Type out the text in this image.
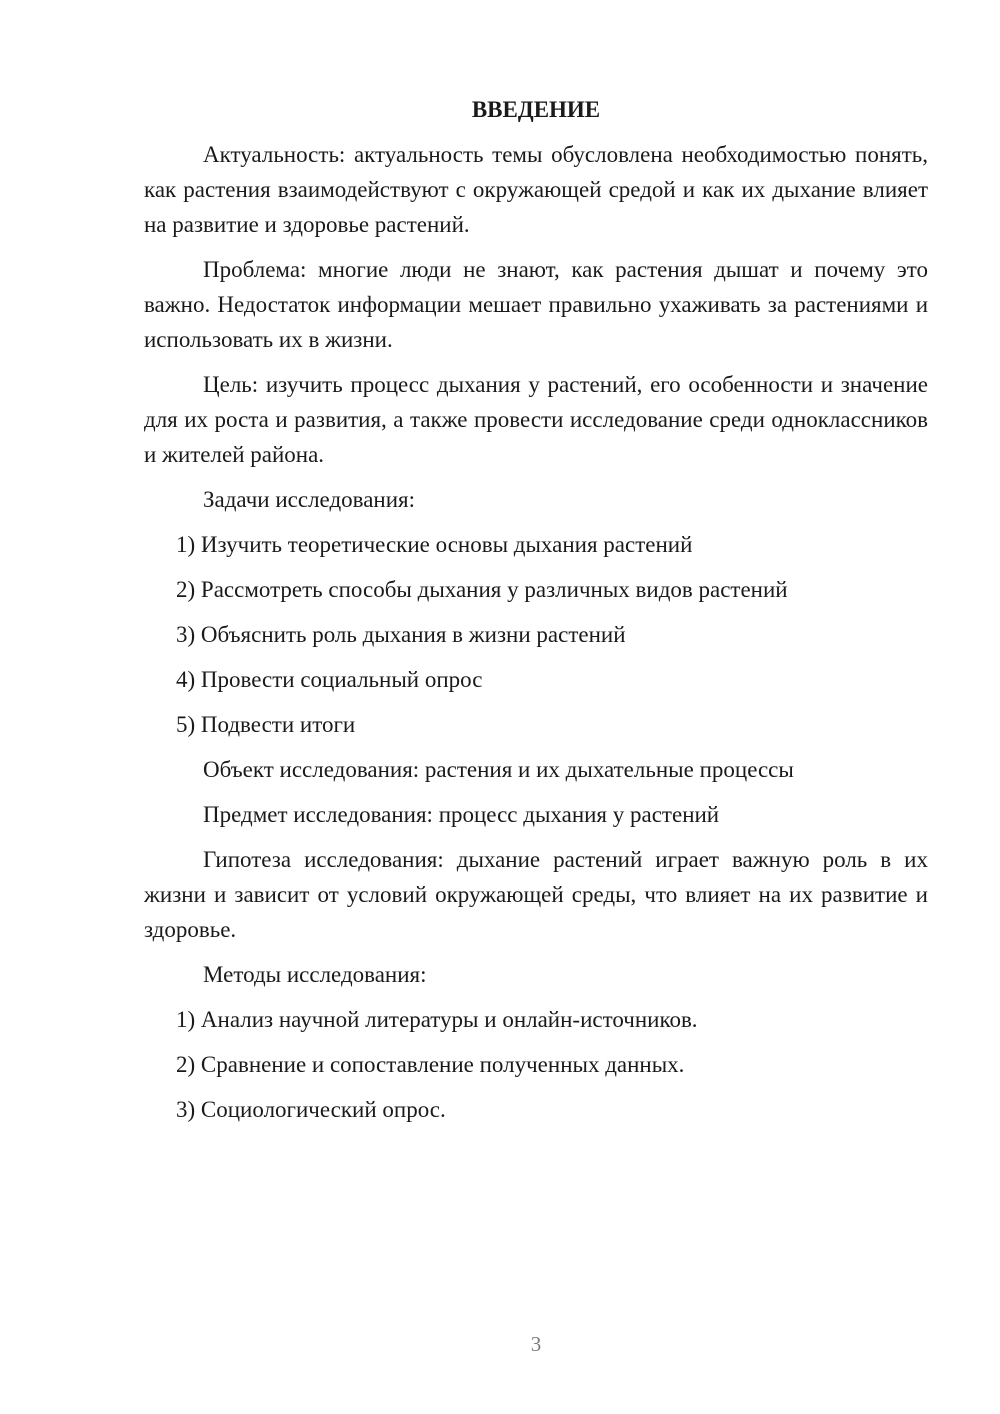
ВВЕДЕНИЕ
Актуальность: актуальность темы обусловлена необходимостью понять, как растения взаимодействуют с окружающей средой и как их дыхание влияет на развитие и здоровье растений.
Проблема: многие люди не знают, как растения дышат и почему это важно. Недостаток информации мешает правильно ухаживать за растениями и использовать их в жизни.
Цель: изучить процесс дыхания у растений, его особенности и значение для их роста и развития, а также провести исследование среди одноклассников и жителей района.
Задачи исследования:
1) Изучить теоретические основы дыхания растений
2) Рассмотреть способы дыхания у различных видов растений
3) Объяснить роль дыхания в жизни растений
4) Провести социальный опрос
5) Подвести итоги
Объект исследования: растения и их дыхательные процессы
Предмет исследования: процесс дыхания у растений
Гипотеза исследования: дыхание растений играет важную роль в их жизни и зависит от условий окружающей среды, что влияет на их развитие и здоровье.
Методы исследования:
1) Анализ научной литературы и онлайн-источников.
2) Сравнение и сопоставление полученных данных.
3) Социологический опрос.
3
